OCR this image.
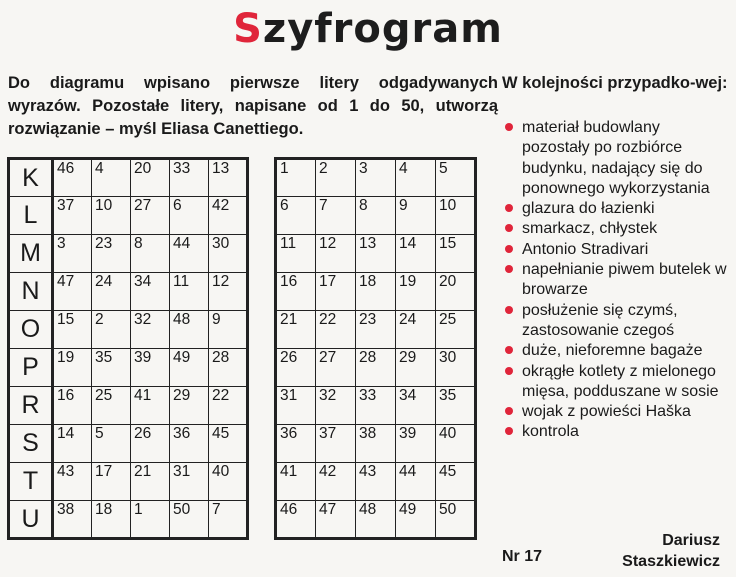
Szyfrogram
Do diagramu wpisano pierwsze litery odgadywanych wyrazów. Pozostałe litery, napisane od 1 do 50, utworzą rozwiązanie – myśl Eliasa Canettiego.
K	46	4	20	33	13
L	37	10	27	6	42
M	3	23	8	44	30
N	47	24	34	11	12
O	15	2	32	48	9
P	19	35	39	49	28
R	16	25	41	29	22
S	14	5	26	36	45
T	43	17	21	31	40
U	38	18	1	50	7
1	2	3	4	5
6	7	8	9	10
11	12	13	14	15
16	17	18	19	20
21	22	23	24	25
26	27	28	29	30
31	32	33	34	35
36	37	38	39	40
41	42	43	44	45
46	47	48	49	50
W kolejności przypadko-wej:
materiał budowlany pozostały po rozbiórce budynku, nadający się do ponownego wykorzystania
glazura do łazienki
smarkacz, chłystek
Antonio Stradivari
napełnianie piwem butelek w browarze
posłużenie się czymś, zastosowanie czegoś
duże, nieforemne bagaże
okrągłe kotlety z mielonego mięsa, podduszane w sosie
wojak z powieści Haška
kontrola
Dariusz Staszkiewicz
Nr 17
